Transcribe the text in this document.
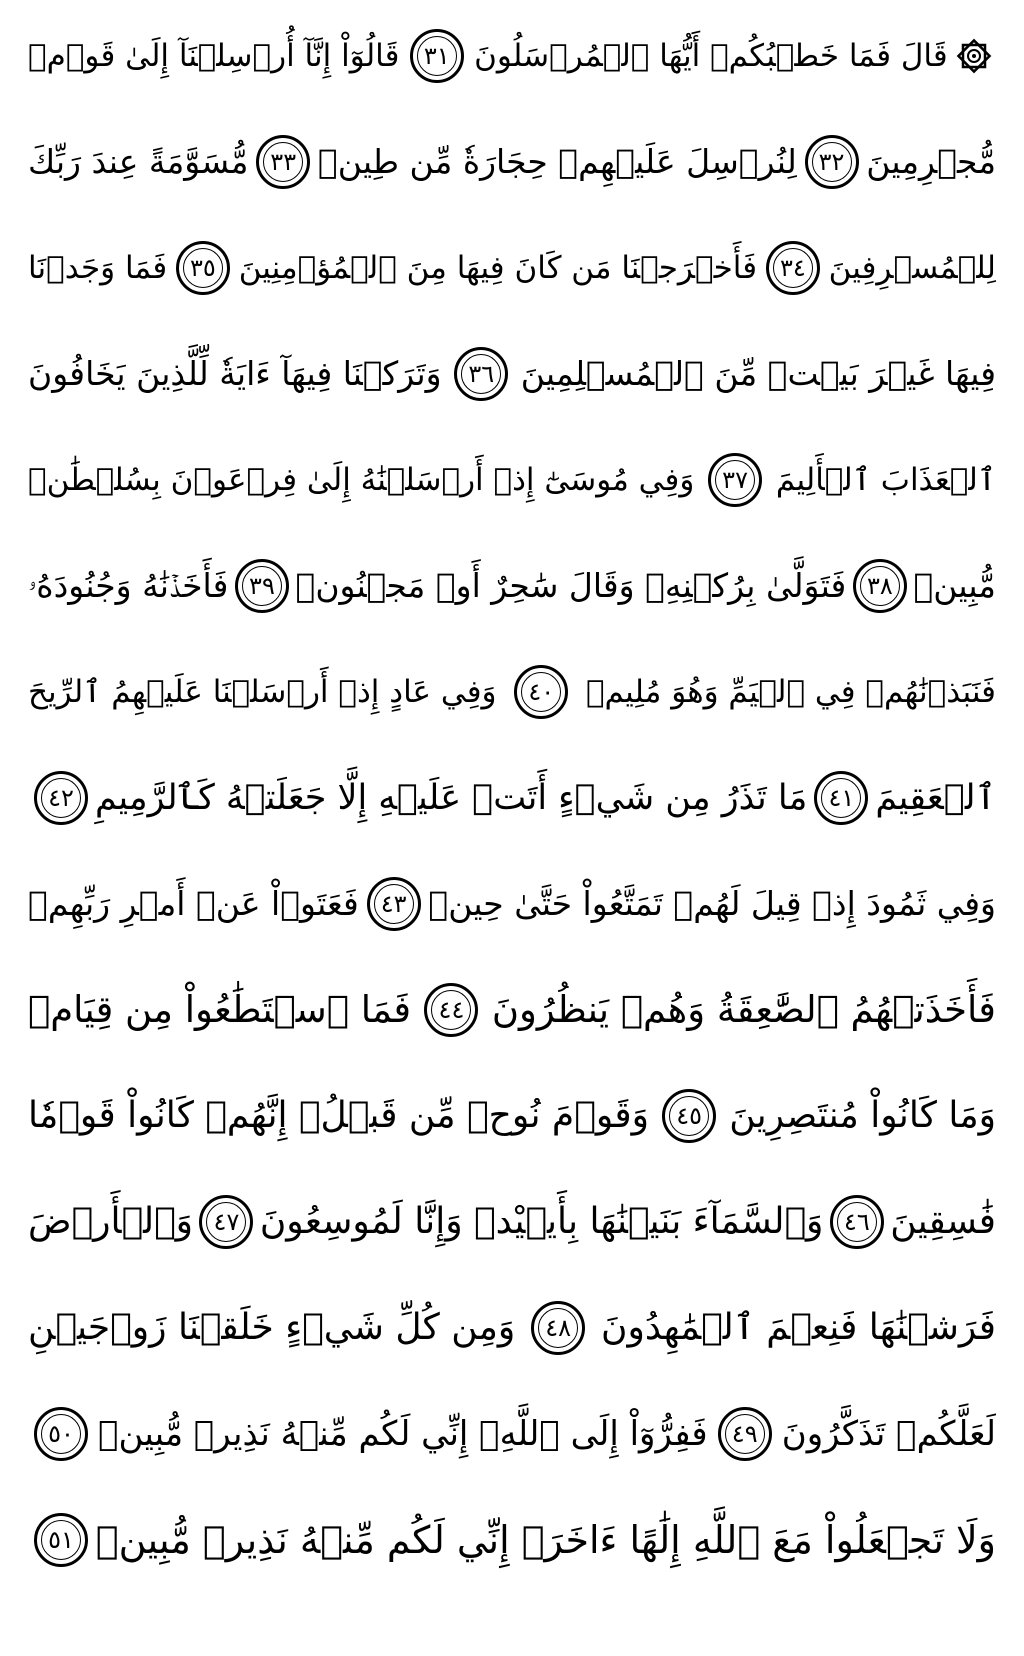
قَالَ فَمَا خَطۡبُكُمۡ أَيُّهَا ٱلۡمُرۡسَلُونَ
٣١
قَالُوٓاْ إِنَّآ أُرۡسِلۡنَآ إِلَىٰ قَوۡمٖ
مُّجۡرِمِينَ
٣٢
لِنُرۡسِلَ عَلَيۡهِمۡ حِجَارَةٗ مِّن طِينٖ
٣٣
مُّسَوَّمَةً عِندَ رَبِّكَ
لِلۡمُسۡرِفِينَ
٣٤
فَأَخۡرَجۡنَا مَن كَانَ فِيهَا مِنَ ٱلۡمُؤۡمِنِينَ
٣٥
فَمَا وَجَدۡنَا
فِيهَا غَيۡرَ بَيۡتٖ مِّنَ ٱلۡمُسۡلِمِينَ
٣٦
وَتَرَكۡنَا فِيهَآ ءَايَةٗ لِّلَّذِينَ يَخَافُونَ
ٱلۡعَذَابَ ٱلۡأَلِيمَ
٣٧
وَفِي مُوسَىٰٓ إِذۡ أَرۡسَلۡنَٰهُ إِلَىٰ فِرۡعَوۡنَ بِسُلۡطَٰنٖ
مُّبِينٖ
٣٨
فَتَوَلَّىٰ بِرُكۡنِهِۦ وَقَالَ سَٰحِرٌ أَوۡ مَجۡنُونٞ
٣٩
فَأَخَذۡنَٰهُ وَجُنُودَهُۥ
فَنَبَذۡنَٰهُمۡ فِي ٱلۡيَمِّ وَهُوَ مُلِيمٞ
٤٠
وَفِي عَادٍ إِذۡ أَرۡسَلۡنَا عَلَيۡهِمُ ٱلرِّيحَ
ٱلۡعَقِيمَ
٤١
مَا تَذَرُ مِن شَيۡءٍ أَتَتۡ عَلَيۡهِ إِلَّا جَعَلَتۡهُ كَٱلرَّمِيمِ
٤٢
وَفِي ثَمُودَ إِذۡ قِيلَ لَهُمۡ تَمَتَّعُواْ حَتَّىٰ حِينٖ
٤٣
فَعَتَوۡاْ عَنۡ أَمۡرِ رَبِّهِمۡ
فَأَخَذَتۡهُمُ ٱلصَّٰعِقَةُ وَهُمۡ يَنظُرُونَ
٤٤
فَمَا ٱسۡتَطَٰعُواْ مِن قِيَامٖ
وَمَا كَانُواْ مُنتَصِرِينَ
٤٥
وَقَوۡمَ نُوحٖ مِّن قَبۡلُۖ إِنَّهُمۡ كَانُواْ قَوۡمٗا
فَٰسِقِينَ
٤٦
وَٱلسَّمَآءَ بَنَيۡنَٰهَا بِأَيۡيْدٖ وَإِنَّا لَمُوسِعُونَ
٤٧
وَٱلۡأَرۡضَ
فَرَشۡنَٰهَا فَنِعۡمَ ٱلۡمَٰهِدُونَ
٤٨
وَمِن كُلِّ شَيۡءٍ خَلَقۡنَا زَوۡجَيۡنِ
لَعَلَّكُمۡ تَذَكَّرُونَ
٤٩
فَفِرُّوٓاْ إِلَى ٱللَّهِۖ إِنِّي لَكُم مِّنۡهُ نَذِيرٞ مُّبِينٞ
٥٠
وَلَا تَجۡعَلُواْ مَعَ ٱللَّهِ إِلَٰهًا ءَاخَرَۖ إِنِّي لَكُم مِّنۡهُ نَذِيرٞ مُّبِينٞ
٥١
